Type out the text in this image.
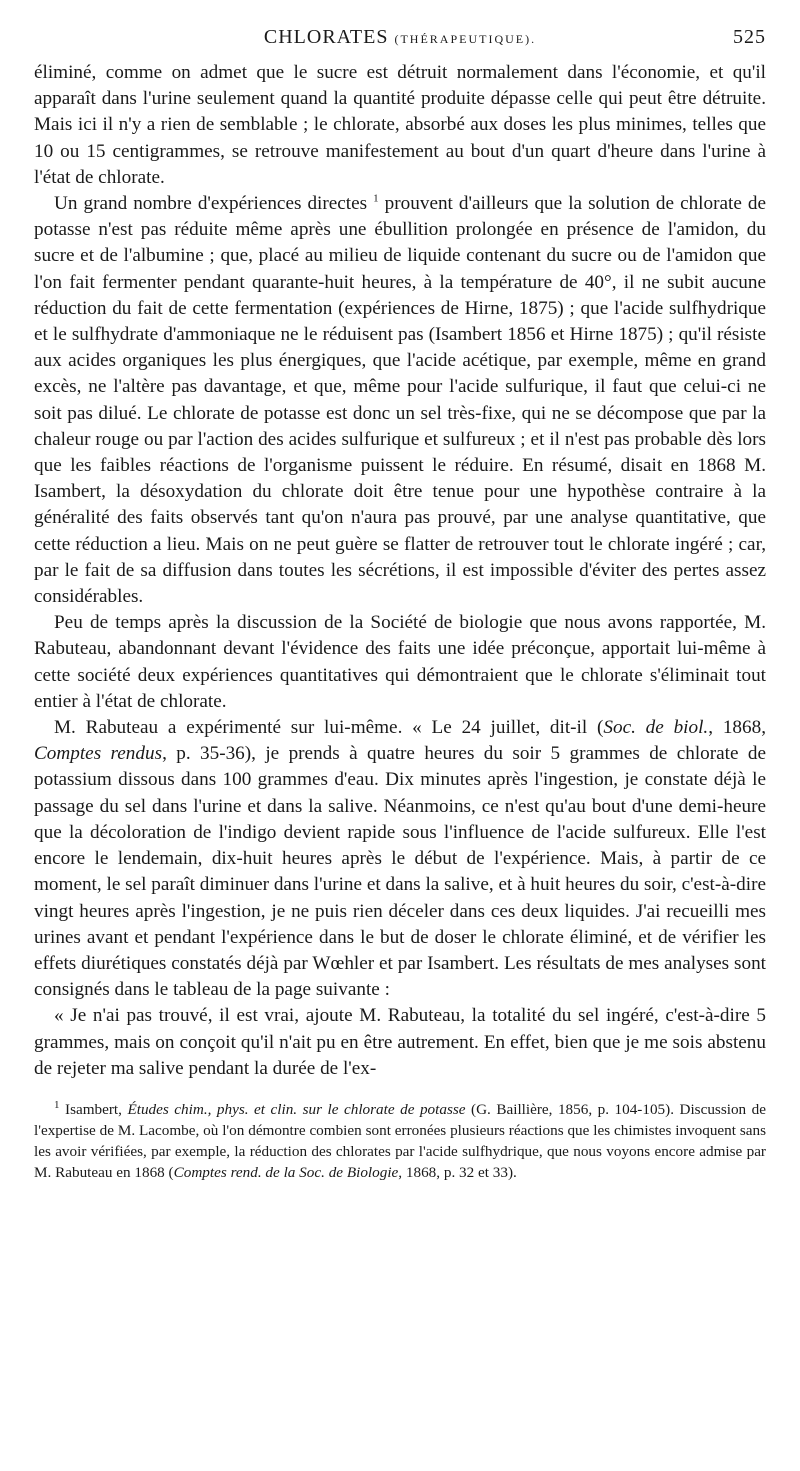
CHLORATES (THÉRAPEUTIQUE).	525

éliminé, comme on admet que le sucre est détruit normalement dans l'économie, et qu'il apparaît dans l'urine seulement quand la quantité produite dépasse celle qui peut être détruite. Mais ici il n'y a rien de semblable ; le chlorate, absorbé aux doses les plus minimes, telles que 10 ou 15 centigrammes, se retrouve manifestement au bout d'un quart d'heure dans l'urine à l'état de chlorate.

Un grand nombre d'expériences directes $^1$ prouvent d'ailleurs que la solution de chlorate de potasse n'est pas réduite même après une ébullition prolongée en présence de l'amidon, du sucre et de l'albumine ; que, placé au milieu de liquide contenant du sucre ou de l'amidon que l'on fait fermenter pendant quarante-huit heures, à la température de 40°, il ne subit aucune réduction du fait de cette fermentation (expériences de Hirne, 1875) ; que l'acide sulfhydrique et le sulfhydrate d'ammoniaque ne le réduisent pas (Isambert 1856 et Hirne 1875) ; qu'il résiste aux acides organiques les plus énergiques, que l'acide acétique, par exemple, même en grand excès, ne l'altère pas davantage, et que, même pour l'acide sulfurique, il faut que celui-ci ne soit pas dilué. Le chlorate de potasse est donc un sel très-fixe, qui ne se décompose que par la chaleur rouge ou par l'action des acides sulfurique et sulfureux ; et il n'est pas probable dès lors que les faibles réactions de l'organisme puissent le réduire. En résumé, disait en 1868 M. Isambert, la désoxydation du chlorate doit être tenue pour une hypothèse contraire à la généralité des faits observés tant qu'on n'aura pas prouvé, par une analyse quantitative, que cette réduction a lieu. Mais on ne peut guère se flatter de retrouver tout le chlorate ingéré ; car, par le fait de sa diffusion dans toutes les sécrétions, il est impossible d'éviter des pertes assez considérables.

Peu de temps après la discussion de la Société de biologie que nous avons rapportée, M. Rabuteau, abandonnant devant l'évidence des faits une idée préconçue, apportait lui-même à cette société deux expériences quantitatives qui démontraient que le chlorate s'éliminait tout entier à l'état de chlorate.

M. Rabuteau a expérimenté sur lui-même. « Le 24 juillet, dit-il (Soc. de biol., 1868, Comptes rendus, p. 35-36), je prends à quatre heures du soir 5 grammes de chlorate de potassium dissous dans 100 grammes d'eau. Dix minutes après l'ingestion, je constate déjà le passage du sel dans l'urine et dans la salive. Néanmoins, ce n'est qu'au bout d'une demi-heure que la décoloration de l'indigo devient rapide sous l'influence de l'acide sulfureux. Elle l'est encore le lendemain, dix-huit heures après le début de l'expérience. Mais, à partir de ce moment, le sel paraît diminuer dans l'urine et dans la salive, et à huit heures du soir, c'est-à-dire vingt heures après l'ingestion, je ne puis rien déceler dans ces deux liquides. J'ai recueilli mes urines avant et pendant l'expérience dans le but de doser le chlorate éliminé, et de vérifier les effets diurétiques constatés déjà par Wœhler et par Isambert. Les résultats de mes analyses sont consignés dans le tableau de la page suivante :

« Je n'ai pas trouvé, il est vrai, ajoute M. Rabuteau, la totalité du sel ingéré, c'est-à-dire 5 grammes, mais on conçoit qu'il n'ait pu en être autrement. En effet, bien que je me sois abstenu de rejeter ma salive pendant la durée de l'ex-

$^1$ Isambert, Études chim., phys. et clin. sur le chlorate de potasse (G. Baillière, 1856, p. 104-105). Discussion de l'expertise de M. Lacombe, où l'on démontre combien sont erronées plusieurs réactions que les chimistes invoquent sans les avoir vérifiées, par exemple, la réduction des chlorates par l'acide sulfhydrique, que nous voyons encore admise par M. Rabuteau en 1868 (Comptes rend. de la Soc. de Biologie, 1868, p. 32 et 33).
